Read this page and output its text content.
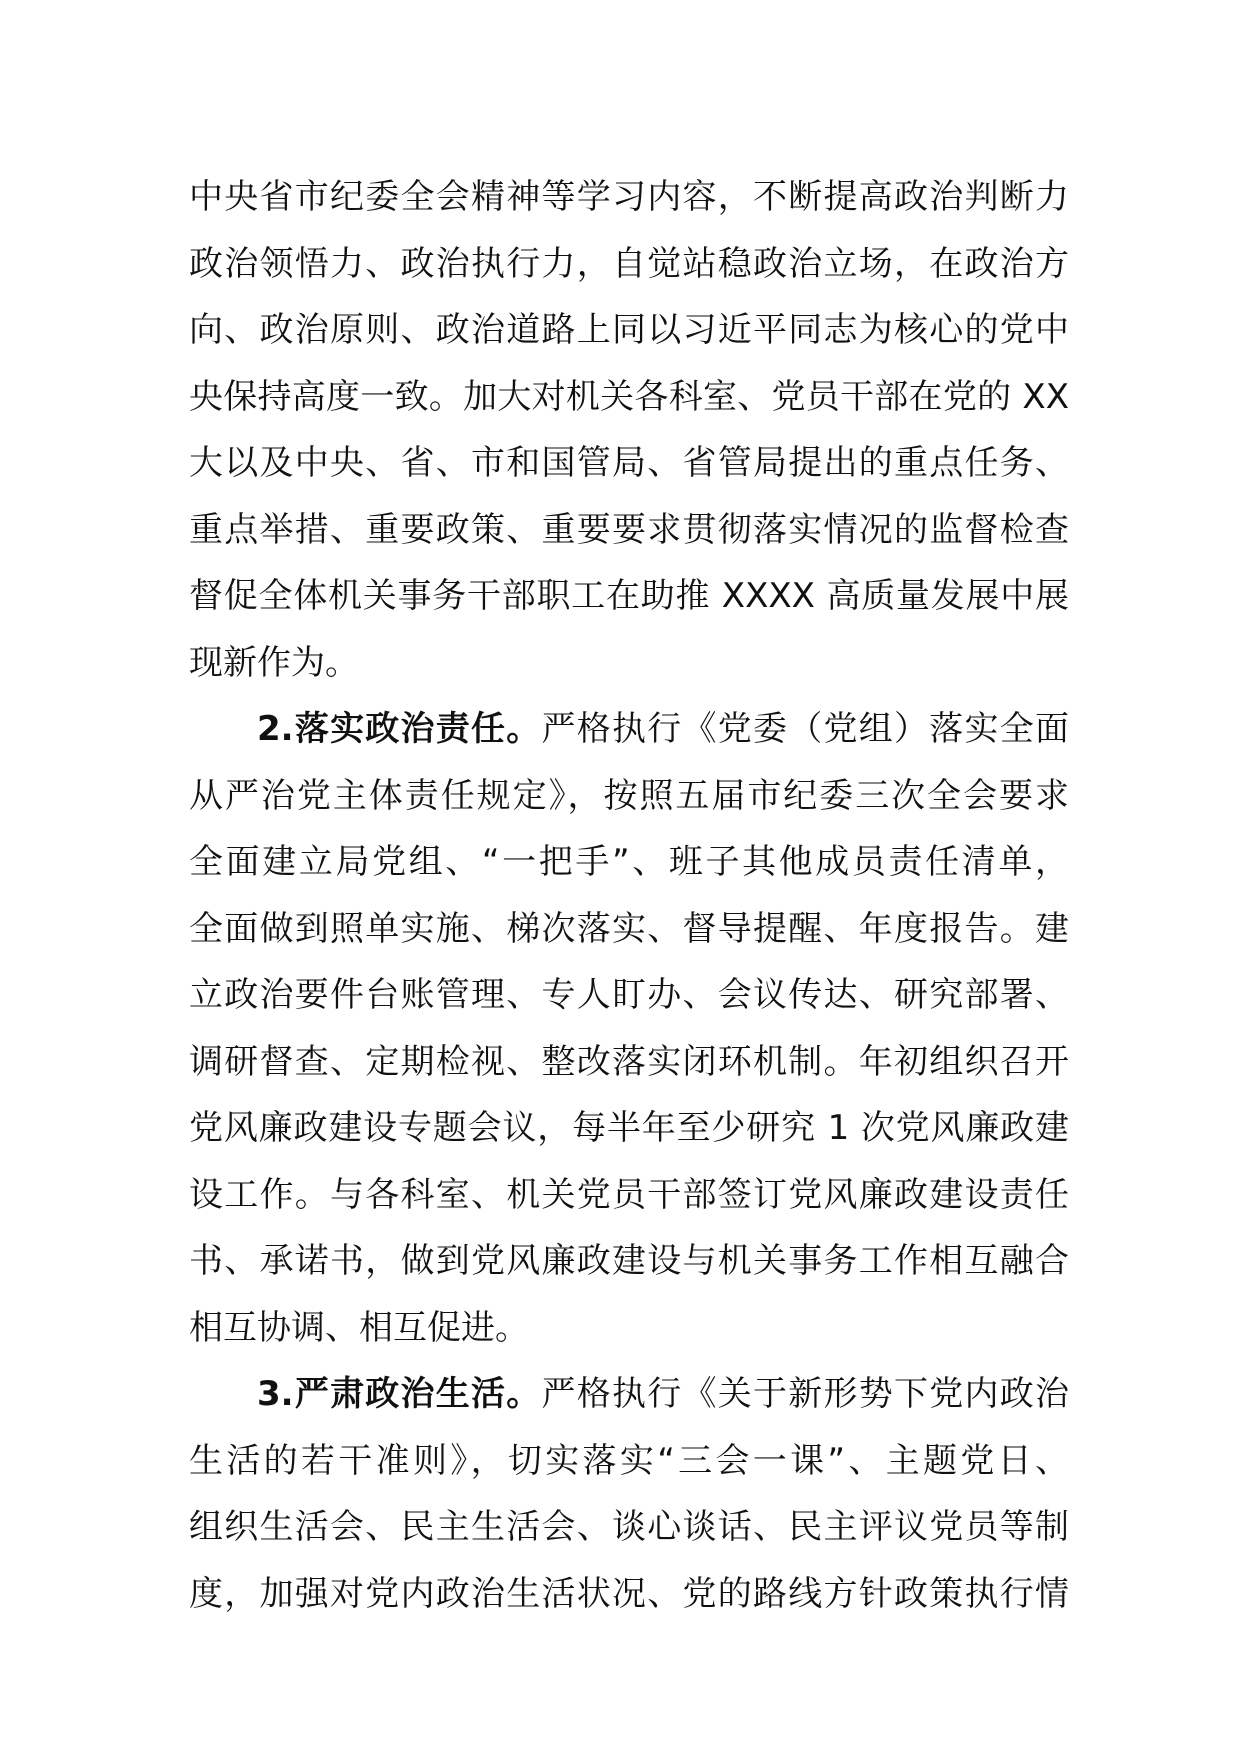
中央省市纪委全会精神等学习内容，不断提高政治判断力
政治领悟力、政治执行力，自觉站稳政治立场，在政治方
向、政治原则、政治道路上同以习近平同志为核心的党中
央保持高度一致。加大对机关各科室、党员干部在党的 XX
大以及中央、省、市和国管局、省管局提出的重点任务、
重点举措、重要政策、重要要求贯彻落实情况的监督检查
督促全体机关事务干部职工在助推 XXXX 高质量发展中展
现新作为。
2.落实政治责任。严格执行《党委（党组）落实全面
从严治党主体责任规定》，按照五届市纪委三次全会要求
全面建立局党组、“一把手”、班子其他成员责任清单，
全面做到照单实施、梯次落实、督导提醒、年度报告。建
立政治要件台账管理、专人盯办、会议传达、研究部署、
调研督查、定期检视、整改落实闭环机制。年初组织召开
党风廉政建设专题会议，每半年至少研究 1 次党风廉政建
设工作。与各科室、机关党员干部签订党风廉政建设责任
书、承诺书，做到党风廉政建设与机关事务工作相互融合
相互协调、相互促进。
3.严肃政治生活。严格执行《关于新形势下党内政治
生活的若干准则》，切实落实“三会一课”、主题党日、
组织生活会、民主生活会、谈心谈话、民主评议党员等制
度，加强对党内政治生活状况、党的路线方针政策执行情
